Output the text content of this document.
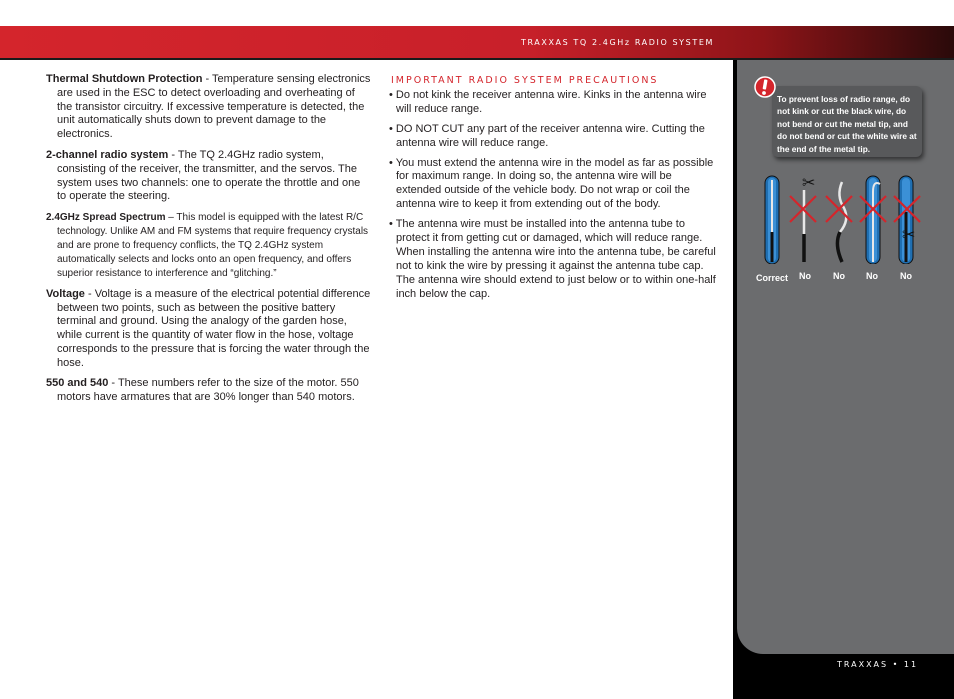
TRAXXAS TQ 2.4GHz RADIO SYSTEM

Thermal Shutdown Protection - Temperature sensing electronics are used in the ESC to detect overloading and overheating of the transistor circuitry. If excessive temperature is detected, the unit automatically shuts down to prevent damage to the electronics.

2-channel radio system - The TQ 2.4GHz radio system, consisting of the receiver, the transmitter, and the servos. The system uses two channels: one to operate the throttle and one to operate the steering.

2.4GHz Spread Spectrum – This model is equipped with the latest R/C technology. Unlike AM and FM systems that require frequency crystals and are prone to frequency conflicts, the TQ 2.4GHz system automatically selects and locks onto an open frequency, and offers superior resistance to interference and “glitching.”

Voltage - Voltage is a measure of the electrical potential difference between two points, such as between the positive battery terminal and ground. Using the analogy of the garden hose, while current is the quantity of water flow in the hose, voltage corresponds to the pressure that is forcing the water through the hose.

550 and 540 - These numbers refer to the size of the motor. 550 motors have armatures that are 30% longer than 540 motors.

IMPORTANT RADIO SYSTEM PRECAUTIONS

• Do not kink the receiver antenna wire. Kinks in the antenna wire will reduce range.

• DO NOT CUT any part of the receiver antenna wire. Cutting the antenna wire will reduce range.

• You must extend the antenna wire in the model as far as possible for maximum range. In doing so, the antenna wire will be extended outside of the vehicle body. Do not wrap or coil the antenna wire to keep it from extending out of the body.

• The antenna wire must be installed into the antenna tube to protect it from getting cut or damaged, which will reduce range. When installing the antenna wire into the antenna tube, be careful not to kink the wire by pressing it against the antenna tube cap. The antenna wire should extend to just below or to within one-half inch below the cap.

To prevent loss of radio range, do not kink or cut the black wire, do not bend or cut the metal tip, and do not bend or cut the white wire at the end of the metal tip.
✂
✂
Correct No No No No
TRAXXAS • 11
